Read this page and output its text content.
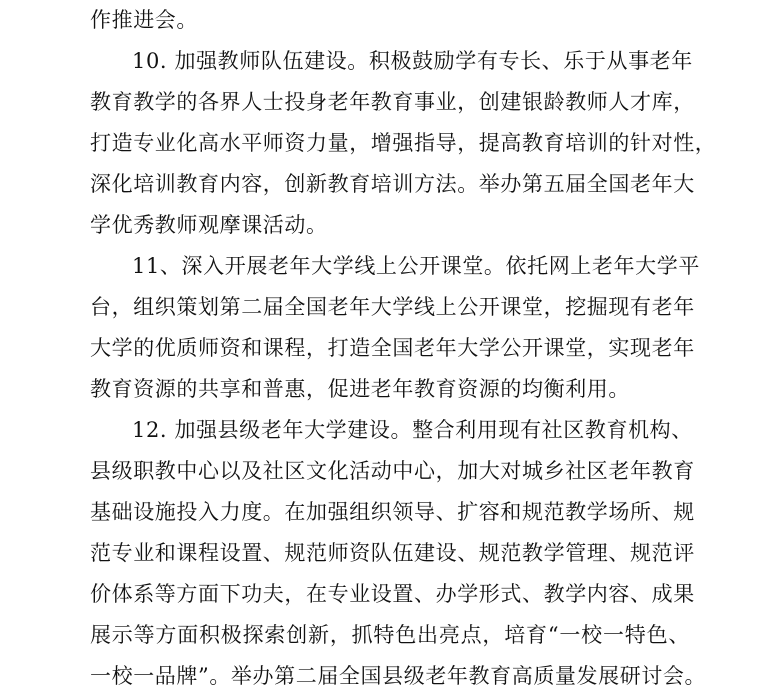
作推进会。

10. 加强教师队伍建设。积极鼓励学有专长、乐于从事老年

教育教学的各界人士投身老年教育事业，创建银龄教师人才库，

打造专业化高水平师资力量，增强指导，提高教育培训的针对性，

深化培训教育内容，创新教育培训方法。举办第五届全国老年大

学优秀教师观摩课活动。

11、深入开展老年大学线上公开课堂。依托网上老年大学平

台，组织策划第二届全国老年大学线上公开课堂，挖掘现有老年

大学的优质师资和课程，打造全国老年大学公开课堂，实现老年

教育资源的共享和普惠，促进老年教育资源的均衡利用。

12. 加强县级老年大学建设。整合利用现有社区教育机构、

县级职教中心以及社区文化活动中心，加大对城乡社区老年教育

基础设施投入力度。在加强组织领导、扩容和规范教学场所、规

范专业和课程设置、规范师资队伍建设、规范教学管理、规范评

价体系等方面下功夫，在专业设置、办学形式、教学内容、成果

展示等方面积极探索创新，抓特色出亮点，培育“一校一特色、

一校一品牌”。举办第二届全国县级老年教育高质量发展研讨会。
